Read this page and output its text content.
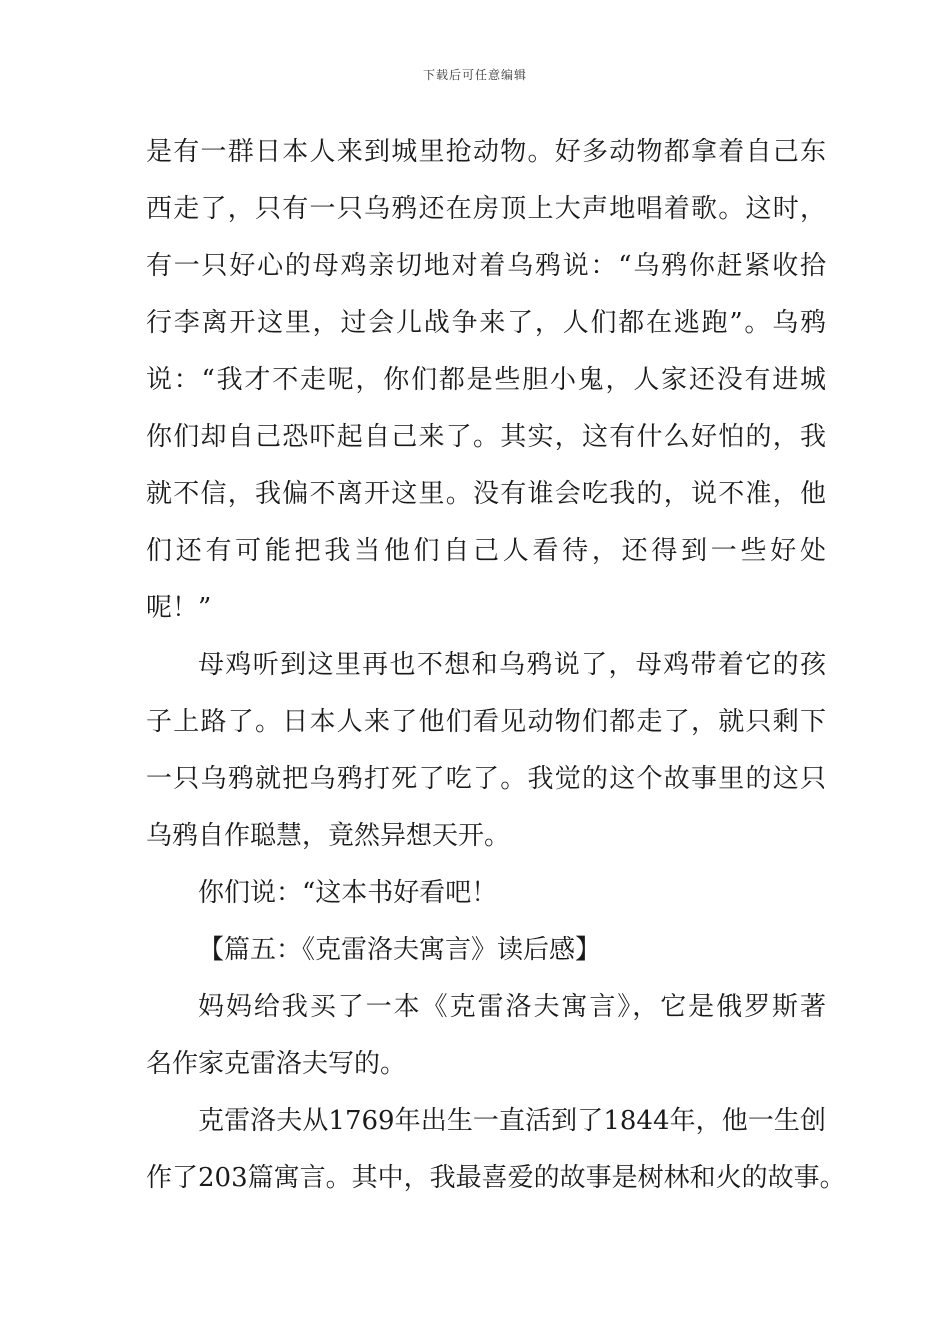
下载后可任意编辑
是有一群日本人来到城里抢动物。好多动物都拿着自己东
西走了，只有一只乌鸦还在房顶上大声地唱着歌。这时，
有一只好心的母鸡亲切地对着乌鸦说：“乌鸦你赶紧收拾
行李离开这里，过会儿战争来了，人们都在逃跑”。乌鸦
说：“我才不走呢，你们都是些胆小鬼，人家还没有进城
你们却自己恐吓起自己来了。其实，这有什么好怕的，我
就不信，我偏不离开这里。没有谁会吃我的，说不准，他
们还有可能把我当他们自己人看待，还得到一些好处
呢！”
母鸡听到这里再也不想和乌鸦说了，母鸡带着它的孩
子上路了。日本人来了他们看见动物们都走了，就只剩下
一只乌鸦就把乌鸦打死了吃了。我觉的这个故事里的这只
乌鸦自作聪慧，竟然异想天开。
你们说：“这本书好看吧！
【篇五：《克雷洛夫寓言》读后感】
妈妈给我买了一本《克雷洛夫寓言》，它是俄罗斯著
名作家克雷洛夫写的。
克雷洛夫从1769年出生一直活到了1844年，他一生创
作了203篇寓言。其中，我最喜爱的故事是树林和火的故事。
